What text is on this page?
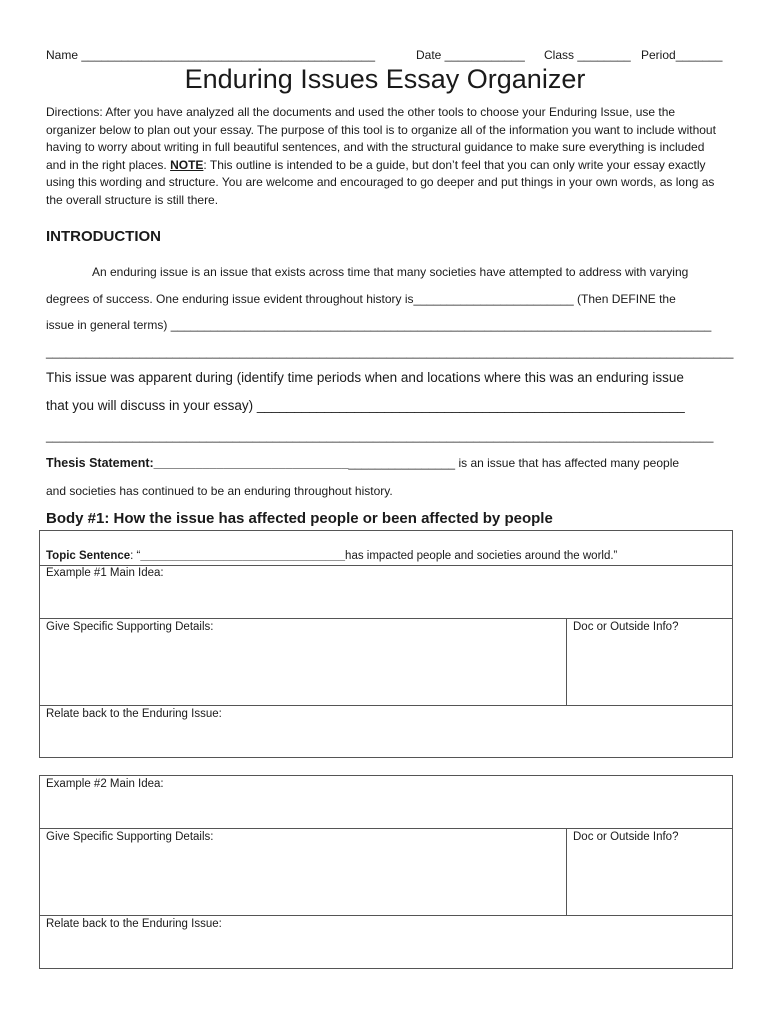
Name ____________________________________________	Date ____________ Class ________ Period_______
Enduring Issues Essay Organizer
Directions: After you have analyzed all the documents and used the other tools to choose your Enduring Issue, use the organizer below to plan out your essay. The purpose of this tool is to organize all of the information you want to include without having to worry about writing in full beautiful sentences, and with the structural guidance to make sure everything is included and in the right places. NOTE: This outline is intended to be a guide, but don’t feel that you can only write your essay exactly using this wording and structure. You are welcome and encouraged to go deeper and put things in your own words, as long as the overall structure is still there.
INTRODUCTION
An enduring issue is an issue that exists across time that many societies have attempted to address with varying
degrees of success. One enduring issue evident throughout history is________________________ (Then DEFINE the
issue in general terms) _________________________________________________________________________________
_______________________________________________________________________________________________________
This issue was apparent during (identify time periods when and locations where this was an enduring issue
that you will discuss in your essay) _________________________________________________________
____________________________________________________________________________________________________
Thesis Statement:____________________________________________ is an issue that has affected many people
and societies has continued to be an enduring throughout history.
Body #1: How the issue has affected people or been affected by people
Topic Sentence: “________________________________has impacted people and societies around the world.”
Example #1 Main Idea:
Give Specific Supporting Details:	Doc or Outside Info?
Relate back to the Enduring Issue:
Example #2 Main Idea:
Give Specific Supporting Details:	Doc or Outside Info?
Relate back to the Enduring Issue:
